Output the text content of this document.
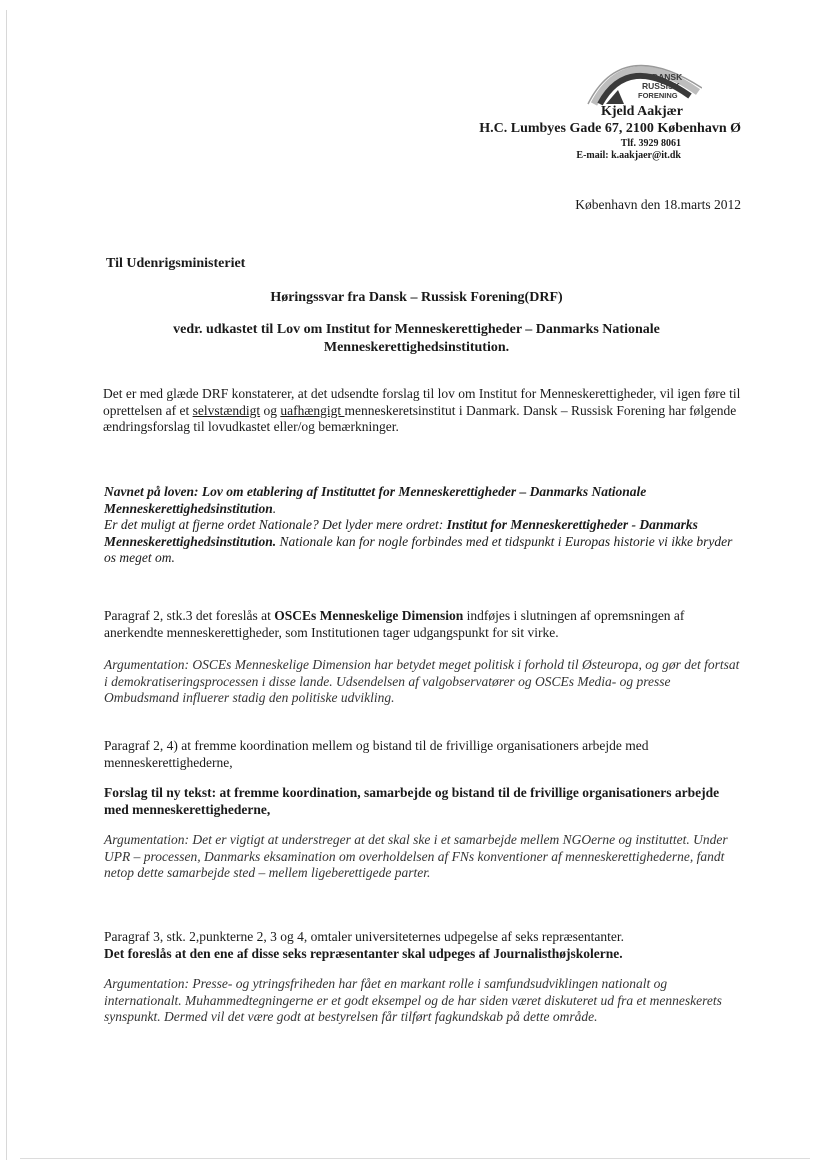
DANSK
RUSSISK
FORENING
Kjeld Aakjær
H.C. Lumbyes Gade 67, 2100 København Ø
Tlf. 3929 8061
E-mail: k.aakjaer@it.dk
København den 18.marts 2012
Til Udenrigsministeriet
Høringssvar fra Dansk – Russisk Forening(DRF)
vedr. udkastet til Lov om Institut for Menneskerettigheder – Danmarks Nationale
Menneskerettighedsinstitution.
Det er med glæde DRF konstaterer, at det udsendte forslag til lov om Institut for Menneskerettigheder, vil igen føre til oprettelsen af et selvstændigt og uafhængigt menneskeretsinstitut i Danmark. Dansk – Russisk Forening har følgende ændringsforslag til lovudkastet eller/og bemærkninger.
Navnet på loven: Lov om etablering af Instituttet for Menneskerettigheder – Danmarks Nationale Menneskerettighedsinstitution.
Er det muligt at fjerne ordet Nationale? Det lyder mere ordret: Institut for Menneskerettigheder - Danmarks Menneskerettighedsinstitution. Nationale kan for nogle forbindes med et tidspunkt i Europas historie vi ikke bryder os meget om.
Paragraf 2, stk.3 det foreslås at OSCEs Menneskelige Dimension indføjes i slutningen af opremsningen af anerkendte menneskerettigheder, som Institutionen tager udgangspunkt for sit virke.
Argumentation: OSCEs Menneskelige Dimension har betydet meget politisk i forhold til Østeuropa, og gør det fortsat i demokratiseringsprocessen i disse lande. Udsendelsen af valgobservatører og OSCEs Media- og presse Ombudsmand influerer stadig den politiske udvikling.
Paragraf 2, 4) at fremme koordination mellem og bistand til de frivillige organisationers arbejde med menneskerettighederne,
Forslag til ny tekst: at fremme koordination, samarbejde og bistand til de frivillige organisationers arbejde med menneskerettighederne,
Argumentation: Det er vigtigt at understreger at det skal ske i et samarbejde mellem NGOerne og instituttet. Under UPR – processen, Danmarks eksamination om overholdelsen af FNs konventioner af menneskerettighederne, fandt netop dette samarbejde sted – mellem ligeberettigede parter.
Paragraf 3, stk. 2,punkterne 2, 3 og 4, omtaler universiteternes udpegelse af seks repræsentanter.
Det foreslås at den ene af disse seks repræsentanter skal udpeges af Journalisthøjskolerne.
Argumentation: Presse- og ytringsfriheden har fået en markant rolle i samfundsudviklingen nationalt og internationalt. Muhammedtegningerne er et godt eksempel og de har siden været diskuteret ud fra et menneskerets synspunkt. Dermed vil det være godt at bestyrelsen får tilført fagkundskab på dette område.
